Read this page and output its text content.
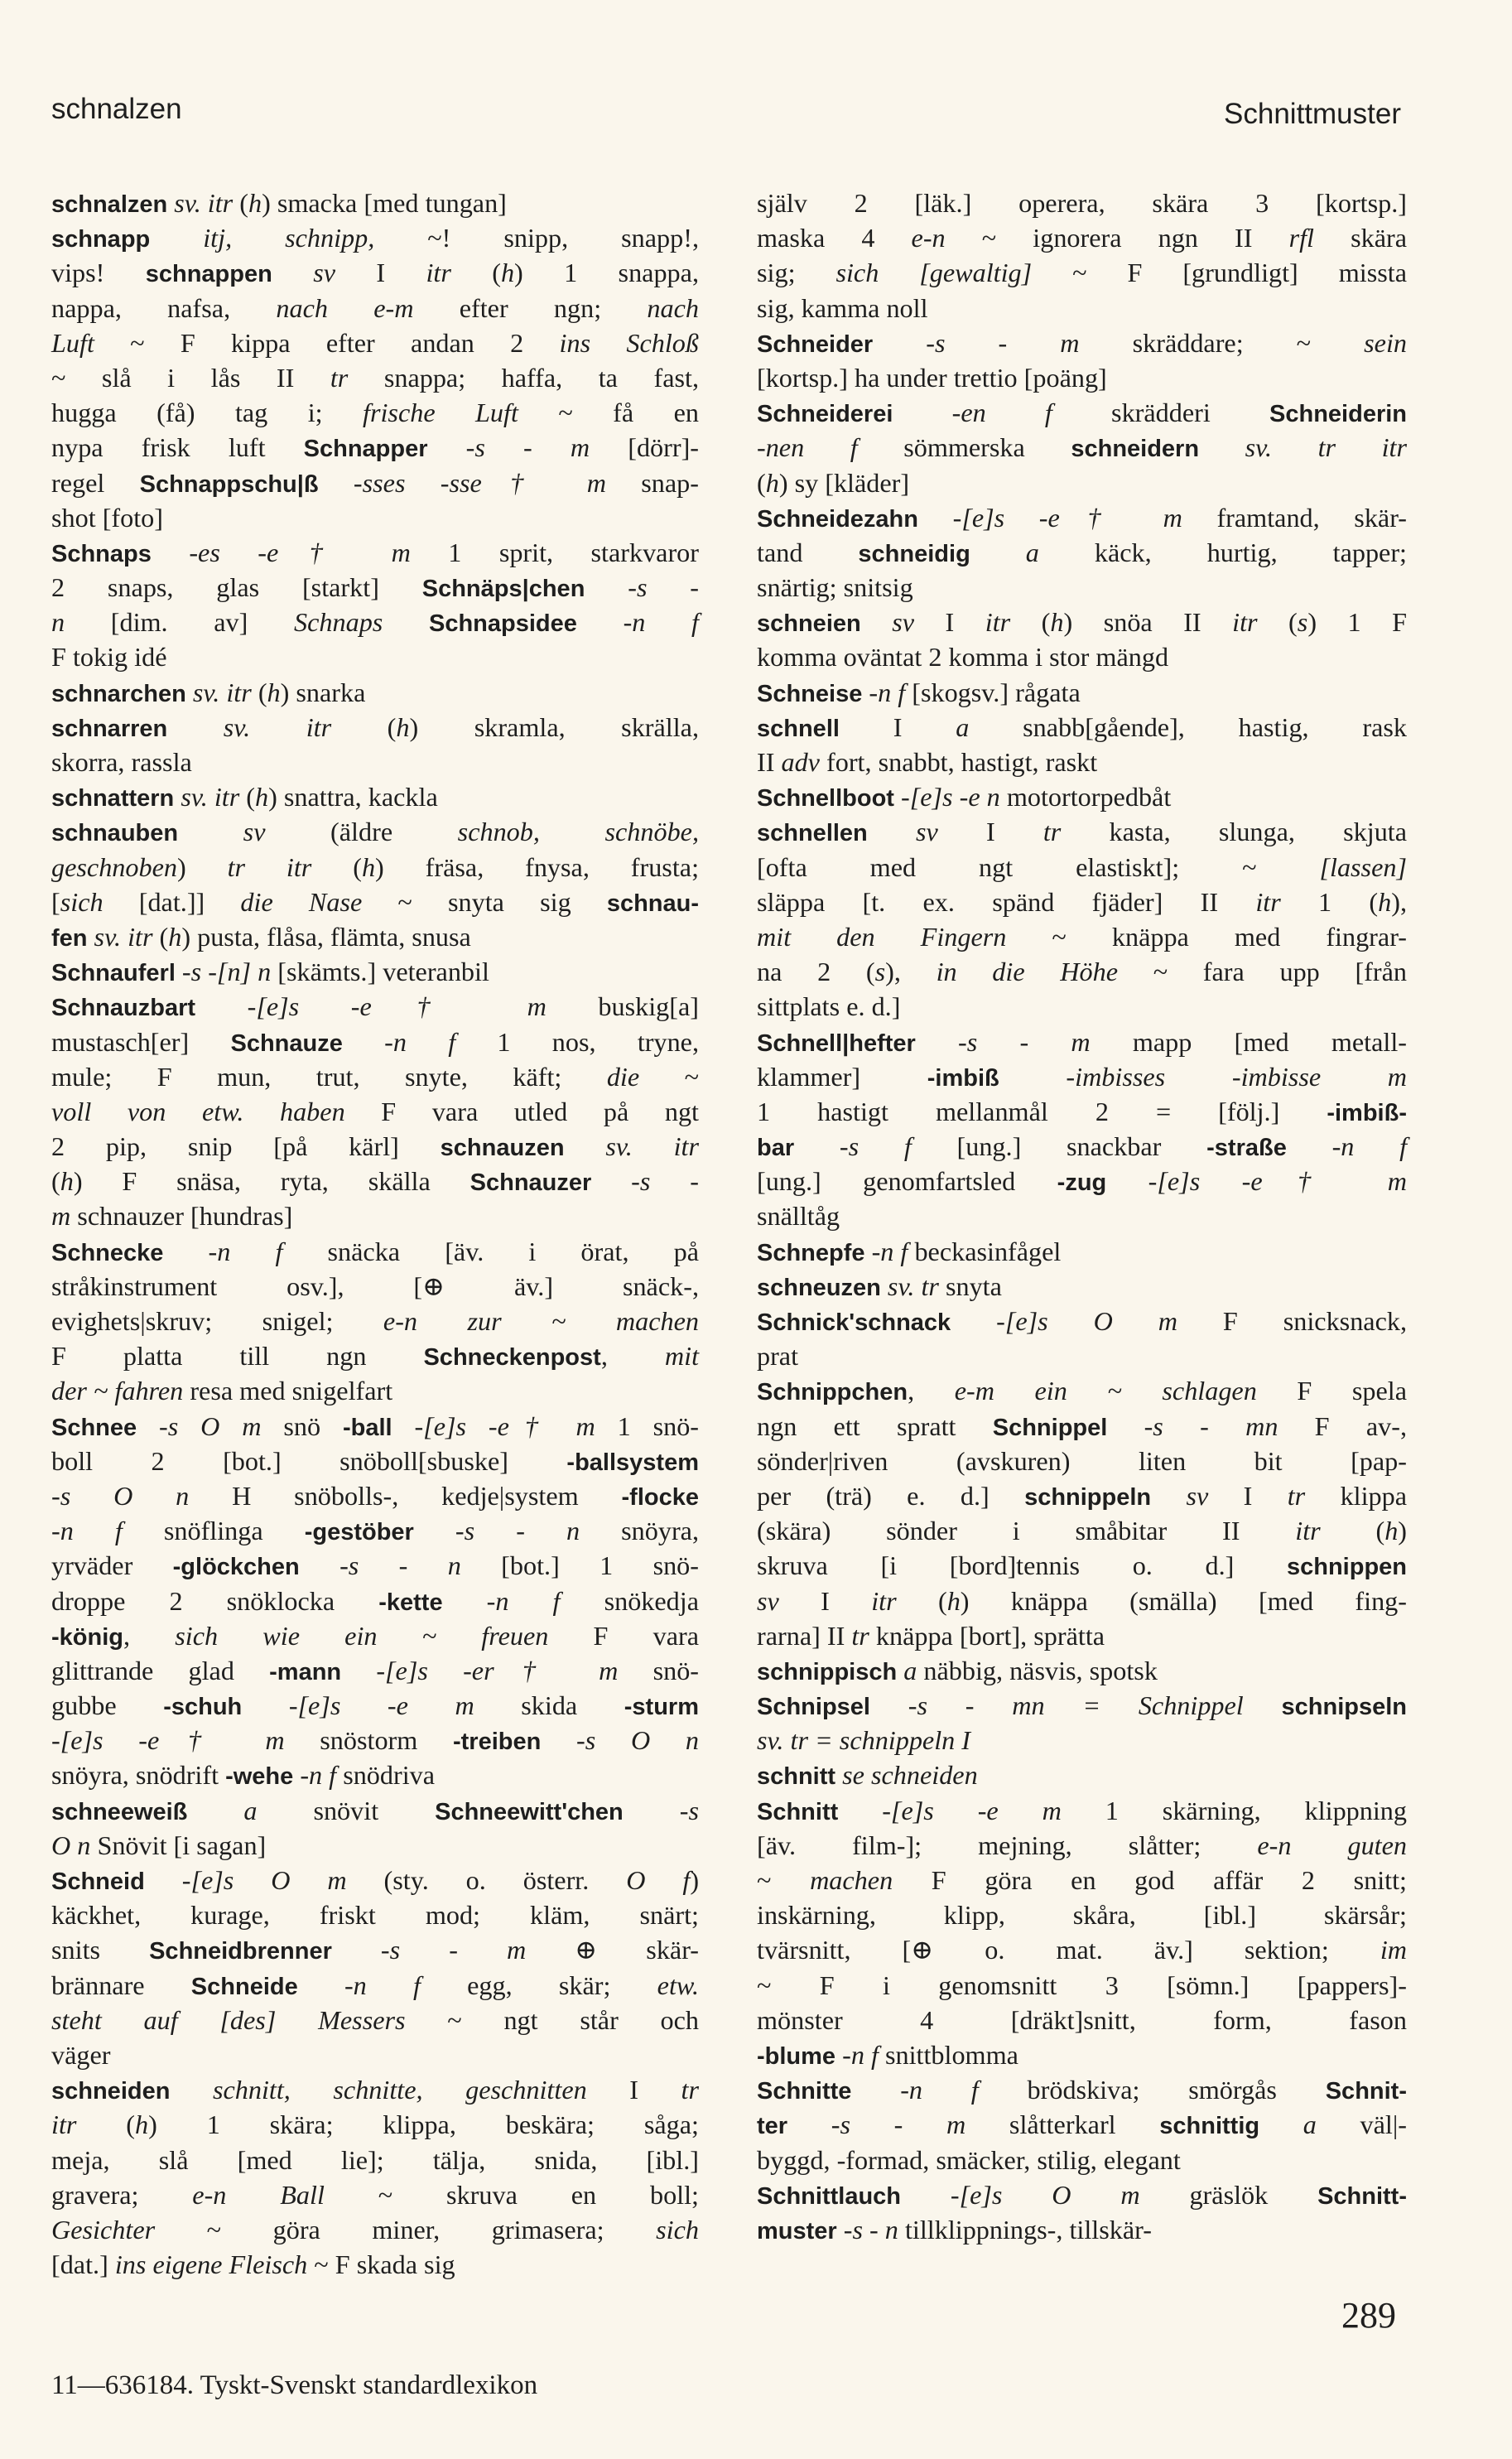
schnalzen	Schnittmuster
schnalzen sv. itr (h) smacka [med tungan]
schnapp itj, schnipp, ~! snipp, snapp!,
vips! schnappen sv I itr (h) 1 snappa,
nappa, nafsa, nach e-m efter ngn; nach
Luft ~ F kippa efter andan 2 ins Schloß
~ slå i lås II tr snappa; haffa, ta fast,
hugga (få) tag i; frische Luft ~ få en
nypa frisk luft Schnapper -s - m [dörr]-
regel Schnappschu|ß -sses -sse† m snap-
shot [foto]
Schnaps -es -e† m 1 sprit, starkvaror
2 snaps, glas [starkt] Schnäps|chen -s -
n [dim. av] Schnaps Schnapsidee -n f
F tokig idé
schnarchen sv. itr (h) snarka
schnarren sv. itr (h) skramla, skrälla,
skorra, rassla
schnattern sv. itr (h) snattra, kackla
schnauben sv (äldre schnob, schnöbe,
geschnoben) tr itr (h) fräsa, fnysa, frusta;
[sich [dat.]] die Nase ~ snyta sig schnau-
fen sv. itr (h) pusta, flåsa, flämta, snusa
Schnauferl -s -[n] n [skämts.] veteranbil
Schnauzbart -[e]s -e† m buskig[a]
mustasch[er] Schnauze -n f 1 nos, tryne,
mule; F mun, trut, snyte, käft; die ~
voll von etw. haben F vara utled på ngt
2 pip, snip [på kärl] schnauzen sv. itr
(h) F snäsa, ryta, skälla Schnauzer -s -
m schnauzer [hundras]
Schnecke -n f snäcka [äv. i örat, på
stråkinstrument osv.], [⊕ äv.] snäck-,
evighets|skruv; snigel; e-n zur ~ machen
F platta till ngn Schneckenpost, mit
der ~ fahren resa med snigelfart
Schnee -s O m snö -ball -[e]s -e† m 1 snö-
boll 2 [bot.] snöboll[sbuske] -ballsystem
-s O n H snöbolls-, kedje|system -flocke
-n f snöflinga -gestöber -s - n snöyra,
yrväder -glöckchen -s - n [bot.] 1 snö-
droppe 2 snöklocka -kette -n f snökedja
-könig, sich wie ein ~ freuen F vara
glittrande glad -mann -[e]s -er† m snö-
gubbe -schuh -[e]s -e m skida -sturm
-[e]s -e† m snöstorm -treiben -s O n
snöyra, snödrift -wehe -n f snödriva
schneeweiß a snövit Schneewitt'chen -s
O n Snövit [i sagan]
Schneid -[e]s O m (sty. o. österr. O f)
käckhet, kurage, friskt mod; kläm, snärt;
snits Schneidbrenner -s - m ⊕ skär-
brännare Schneide -n f egg, skär; etw.
steht auf [des] Messers ~ ngt står och
väger
schneiden schnitt, schnitte, geschnitten I tr
itr (h) 1 skära; klippa, beskära; såga;
meja, slå [med lie]; tälja, snida, [ibl.]
gravera; e-n Ball ~ skruva en boll;
Gesichter ~ göra miner, grimasera; sich
[dat.] ins eigene Fleisch ~ F skada sig
själv 2 [läk.] operera, skära 3 [kortsp.]
maska 4 e-n ~ ignorera ngn II rfl skära
sig; sich [gewaltig] ~ F [grundligt] missta
sig, kamma noll
Schneider -s - m skräddare; ~ sein
[kortsp.] ha under trettio [poäng]
Schneiderei -en f skrädderi Schneiderin
-nen f sömmerska schneidern sv. tr itr
(h) sy [kläder]
Schneidezahn -[e]s -e† m framtand, skär-
tand schneidig a käck, hurtig, tapper;
snärtig; snitsig
schneien sv I itr (h) snöa II itr (s) 1 F
komma oväntat 2 komma i stor mängd
Schneise -n f [skogsv.] rågata
schnell I a snabb[gående], hastig, rask
II adv fort, snabbt, hastigt, raskt
Schnellboot -[e]s -e n motortorpedbåt
schnellen sv I tr kasta, slunga, skjuta
[ofta med ngt elastiskt]; ~ [lassen]
släppa [t. ex. spänd fjäder] II itr 1 (h),
mit den Fingern ~ knäppa med fingrar-
na 2 (s), in die Höhe ~ fara upp [från
sittplats e. d.]
Schnell|hefter -s - m mapp [med metall-
klammer] -imbiß	-imbisses -imbisse m
1 hastigt mellanmål 2 = [följ.] -imbiß-
bar -s f [ung.] snackbar -straße -n f
[ung.] genomfartsled -zug -[e]s -e† m
snälltåg
Schnepfe -n f beckasinfågel
schneuzen sv. tr snyta
Schnick'schnack -[e]s O m F snicksnack,
prat
Schnippchen, e-m ein ~ schlagen F spela
ngn ett spratt Schnippel -s - mn F av-,
sönder|riven (avskuren) liten bit [pap-
per (trä) e. d.] schnippeln sv I tr klippa
(skära) sönder i småbitar II itr (h)
skruva [i [bord]tennis o. d.] schnippen
sv I itr (h) knäppa (smälla) [med fing-
rarna] II tr knäppa [bort], sprätta
schnippisch a näbbig, näsvis, spotsk
Schnipsel -s - mn = Schnippel schnipseln
sv. tr = schnippeln I
schnitt se schneiden
Schnitt -[e]s -e m 1 skärning, klippning
[äv. film-]; mejning, slåtter; e-n guten
~ machen F göra en god affär 2 snitt;
inskärning, klipp, skåra, [ibl.] skärsår;
tvärsnitt, [⊕ o. mat. äv.] sektion; im
~ F i genomsnitt 3 [sömn.] [pappers]-
mönster 4 [dräkt]snitt, form, fason
-blume -n f snittblomma
Schnitte -n f brödskiva; smörgås Schnit-
ter -s - m slåtterkarl schnittig a väl|-
byggd, -formad, smäcker, stilig, elegant
Schnittlauch -[e]s O m gräslök Schnitt-
muster -s - n tillklippnings-, tillskär-
289
11—636184. Tyskt-Svenskt standardlexikon
